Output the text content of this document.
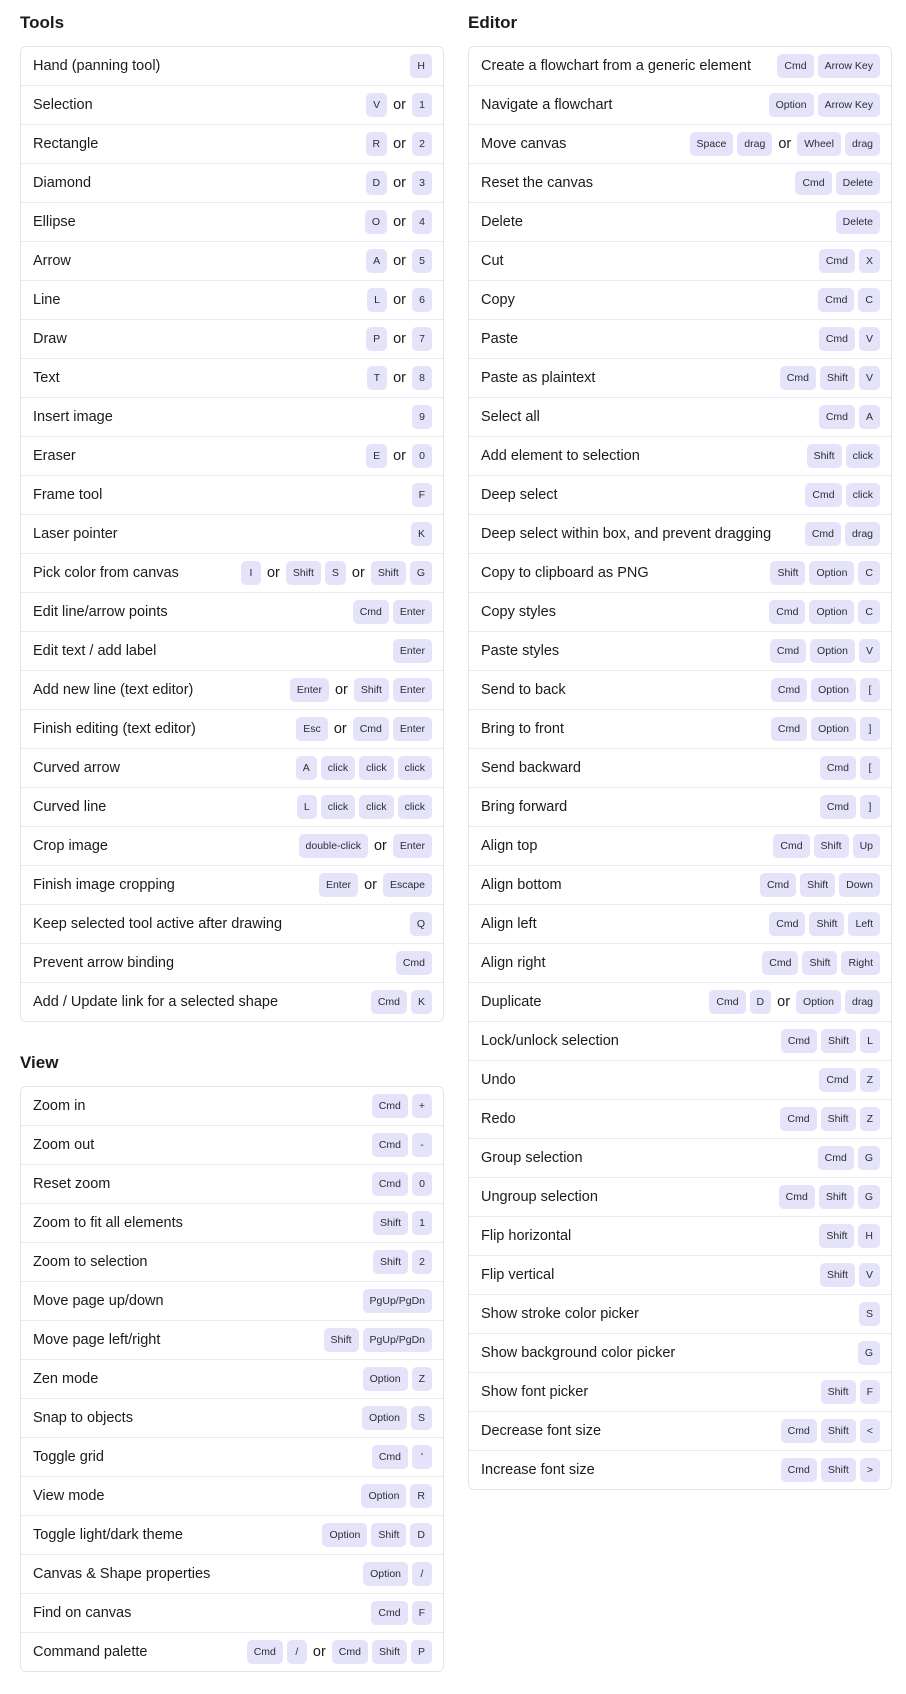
Tools
Hand (panning tool)	H
Selection	V or	1
Rectangle	R or	2
Diamond	D or	3
Ellipse	O or	4
Arrow	A or	5
Line	L or	6
Draw	P or	7
Text	T or	8
Insert image	9
Eraser	E or	0
Frame tool	F
Laser pointer	K
Pick color from canvas	I	or	Shift	S or	Shift	G
Edit line/arrow points	Cmd	Enter
Edit text / add label	Enter
Add new line (text editor)	Enter or	Shift	Enter
Finish editing (text editor)	Esc or	Cmd	Enter
Curved arrow	A	click	click	click
Curved line	L	click	click	click
Crop image	double-click or	Enter
Finish image cropping	Enter or	Escape
Keep selected tool active after drawing	Q
Prevent arrow binding	Cmd
Add / Update link for a selected shape	Cmd	K
View
Zoom in	Cmd	+
Zoom out	Cmd	-
Reset zoom	Cmd	0
Zoom to fit all elements	Shift	1
Zoom to selection	Shift	2
Move page up/down	PgUp/PgDn
Move page left/right	Shift	PgUp/PgDn
Zen mode	Option	Z
Snap to objects	Option	S
Toggle grid	Cmd	'
View mode	Option	R
Toggle light/dark theme	Option	Shift	D
Canvas & Shape properties	Option	/
Find on canvas	Cmd	F
Command palette	Cmd	/	or	Cmd	Shift	P
Editor
Create a flowchart from a generic element	Cmd	Arrow Key
Navigate a flowchart	Option	Arrow Key
Move canvas	Space	drag or	Wheel	drag
Reset the canvas	Cmd	Delete
Delete	Delete
Cut	Cmd	X
Copy	Cmd	C
Paste	Cmd	V
Paste as plaintext	Cmd	Shift	V
Select all	Cmd	A
Add element to selection	Shift	click
Deep select	Cmd	click
Deep select within box, and prevent dragging	Cmd	drag
Copy to clipboard as PNG	Shift	Option	C
Copy styles	Cmd	Option	C
Paste styles	Cmd	Option	V
Send to back	Cmd	Option	[
Bring to front	Cmd	Option	]
Send backward	Cmd	[
Bring forward	Cmd	]
Align top	Cmd	Shift	Up
Align bottom	Cmd	Shift	Down
Align left	Cmd	Shift	Left
Align right	Cmd	Shift	Right
Duplicate	Cmd	D or	Option	drag
Lock/unlock selection	Cmd	Shift	L
Undo	Cmd	Z
Redo	Cmd	Shift	Z
Group selection	Cmd	G
Ungroup selection	Cmd	Shift	G
Flip horizontal	Shift	H
Flip vertical	Shift	V
Show stroke color picker	S
Show background color picker	G
Show font picker	Shift	F
Decrease font size	Cmd	Shift	<
Increase font size	Cmd	Shift	>
